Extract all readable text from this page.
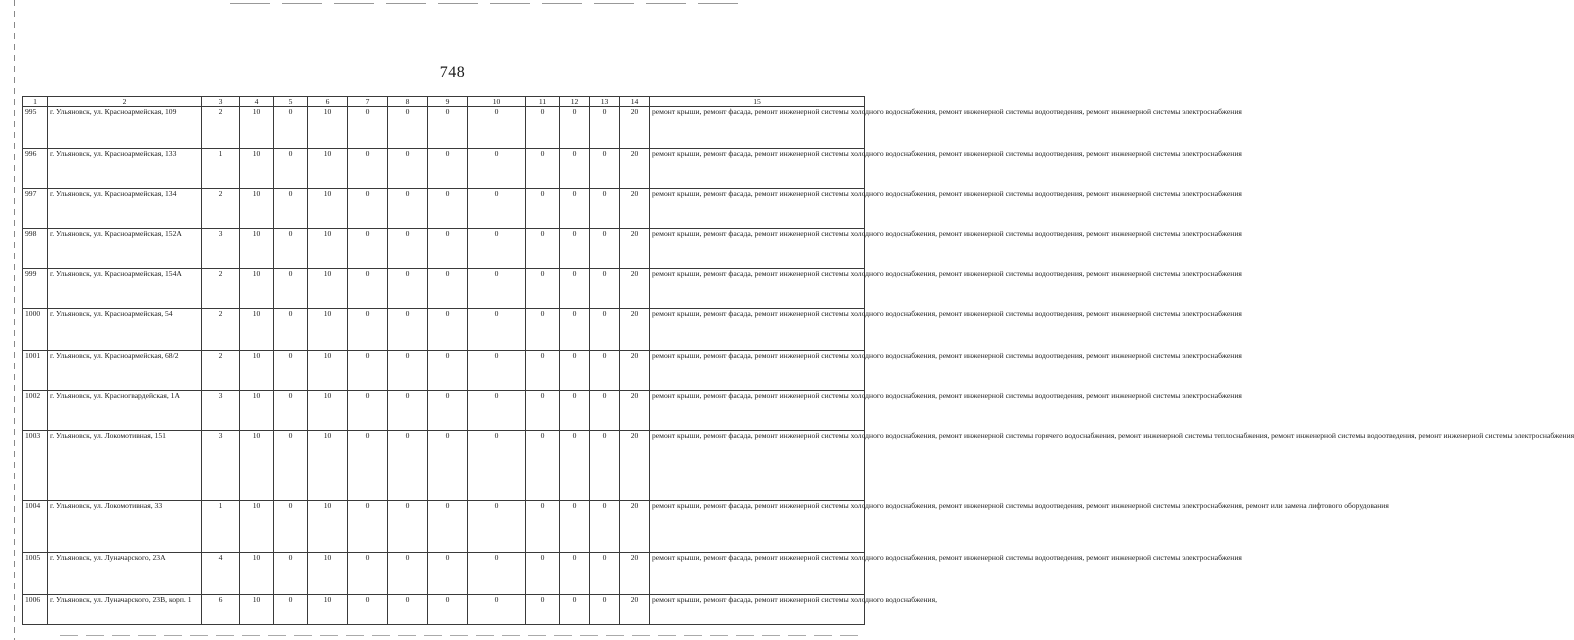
748
1	2	3	4	5	6	7	8	9	10	11	12	13	14	15
995	г. Ульяновск, ул. Красноармейская, 109	2	10	0	10	0	0	0	0	0	0	0	20	ремонт крыши, ремонт фасада, ремонт инженерной системы холодного водоснабжения, ремонт инженерной системы водоотведения, ремонт инженерной системы электроснабжения
996	г. Ульяновск, ул. Красноармейская, 133	1	10	0	10	0	0	0	0	0	0	0	20	ремонт крыши, ремонт фасада, ремонт инженерной системы холодного водоснабжения, ремонт инженерной системы водоотведения, ремонт инженерной системы электроснабжения
997	г. Ульяновск, ул. Красноармейская, 134	2	10	0	10	0	0	0	0	0	0	0	20	ремонт крыши, ремонт фасада, ремонт инженерной системы холодного водоснабжения, ремонт инженерной системы водоотведения, ремонт инженерной системы электроснабжения
998	г. Ульяновск, ул. Красноармейская, 152А	3	10	0	10	0	0	0	0	0	0	0	20	ремонт крыши, ремонт фасада, ремонт инженерной системы холодного водоснабжения, ремонт инженерной системы водоотведения, ремонт инженерной системы электроснабжения
999	г. Ульяновск, ул. Красноармейская, 154А	2	10	0	10	0	0	0	0	0	0	0	20	ремонт крыши, ремонт фасада, ремонт инженерной системы холодного водоснабжения, ремонт инженерной системы водоотведения, ремонт инженерной системы электроснабжения
1000	г. Ульяновск, ул. Красноармейская, 54	2	10	0	10	0	0	0	0	0	0	0	20	ремонт крыши, ремонт фасада, ремонт инженерной системы холодного водоснабжения, ремонт инженерной системы водоотведения, ремонт инженерной системы электроснабжения
1001	г. Ульяновск, ул. Красноармейская, 68/2	2	10	0	10	0	0	0	0	0	0	0	20	ремонт крыши, ремонт фасада, ремонт инженерной системы холодного водоснабжения, ремонт инженерной системы водоотведения, ремонт инженерной системы электроснабжения
1002	г. Ульяновск, ул. Красногвардейская, 1А	3	10	0	10	0	0	0	0	0	0	0	20	ремонт крыши, ремонт фасада, ремонт инженерной системы холодного водоснабжения, ремонт инженерной системы водоотведения, ремонт инженерной системы электроснабжения
1003	г. Ульяновск, ул. Локомотивная, 151	3	10	0	10	0	0	0	0	0	0	0	20	ремонт крыши, ремонт фасада, ремонт инженерной системы холодного водоснабжения, ремонт инженерной системы горячего водоснабжения, ремонт инженерной системы теплоснабжения, ремонт инженерной системы водоотведения, ремонт инженерной системы электроснабжения
1004	г. Ульяновск, ул. Локомотивная, 33	1	10	0	10	0	0	0	0	0	0	0	20	ремонт крыши, ремонт фасада, ремонт инженерной системы холодного водоснабжения, ремонт инженерной системы водоотведения, ремонт инженерной системы электроснабжения, ремонт или замена лифтового оборудования
1005	г. Ульяновск, ул. Луначарского, 23А	4	10	0	10	0	0	0	0	0	0	0	20	ремонт крыши, ремонт фасада, ремонт инженерной системы холодного водоснабжения, ремонт инженерной системы водоотведения, ремонт инженерной системы электроснабжения
1006	г. Ульяновск, ул. Луначарского, 23В, корп. 1	6	10	0	10	0	0	0	0	0	0	0	20	ремонт крыши, ремонт фасада, ремонт инженерной системы холодного водоснабжения,
